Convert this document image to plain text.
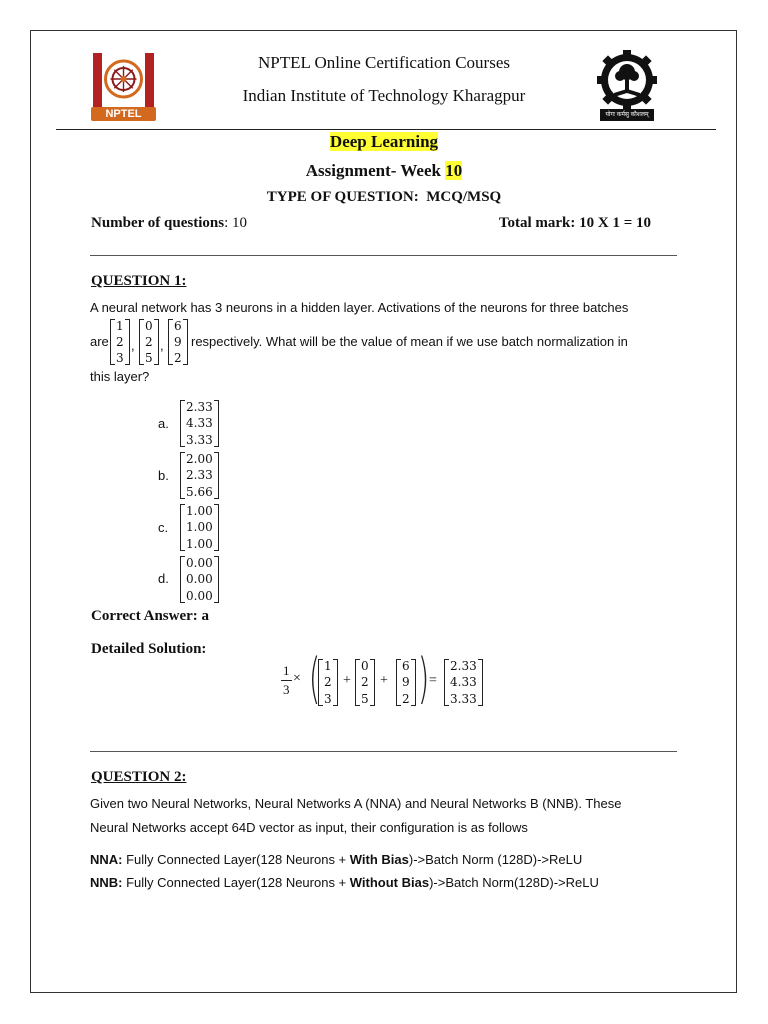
NPTEL
NPTEL Online Certification Courses
Indian Institute of Technology Kharagpur
योगः कर्मसु कौशलम्
Deep Learning
Assignment- Week 10
TYPE OF QUESTION:  MCQ/MSQ
Number of questions: 10	Total mark: 10 X 1 = 10
QUESTION 1:
A neural network has 3 neurons in a hidden layer. Activations of the neurons for three batches
are
1
2
3
,
0
2
5
,
6
9
2
respectively. What will be the value of mean if we use batch normalization in
this layer?
a.
2.33
4.33
3.33
b.
2.00
2.33
5.66
c.
1.00
1.00
1.00
d.
0.00
0.00
0.00
Correct Answer: a
Detailed Solution:
1
3
× ( 1
2
3
+
0
2
5
+
6
9
2 ) =
2.33
4.33
3.33
QUESTION 2:
Given two Neural Networks, Neural Networks A (NNA) and Neural Networks B (NNB). These
Neural Networks accept 64D vector as input, their configuration is as follows
NNA: Fully Connected Layer(128 Neurons + With Bias)->Batch Norm (128D)->ReLU
NNB: Fully Connected Layer(128 Neurons + Without Bias)->Batch Norm(128D)->ReLU
